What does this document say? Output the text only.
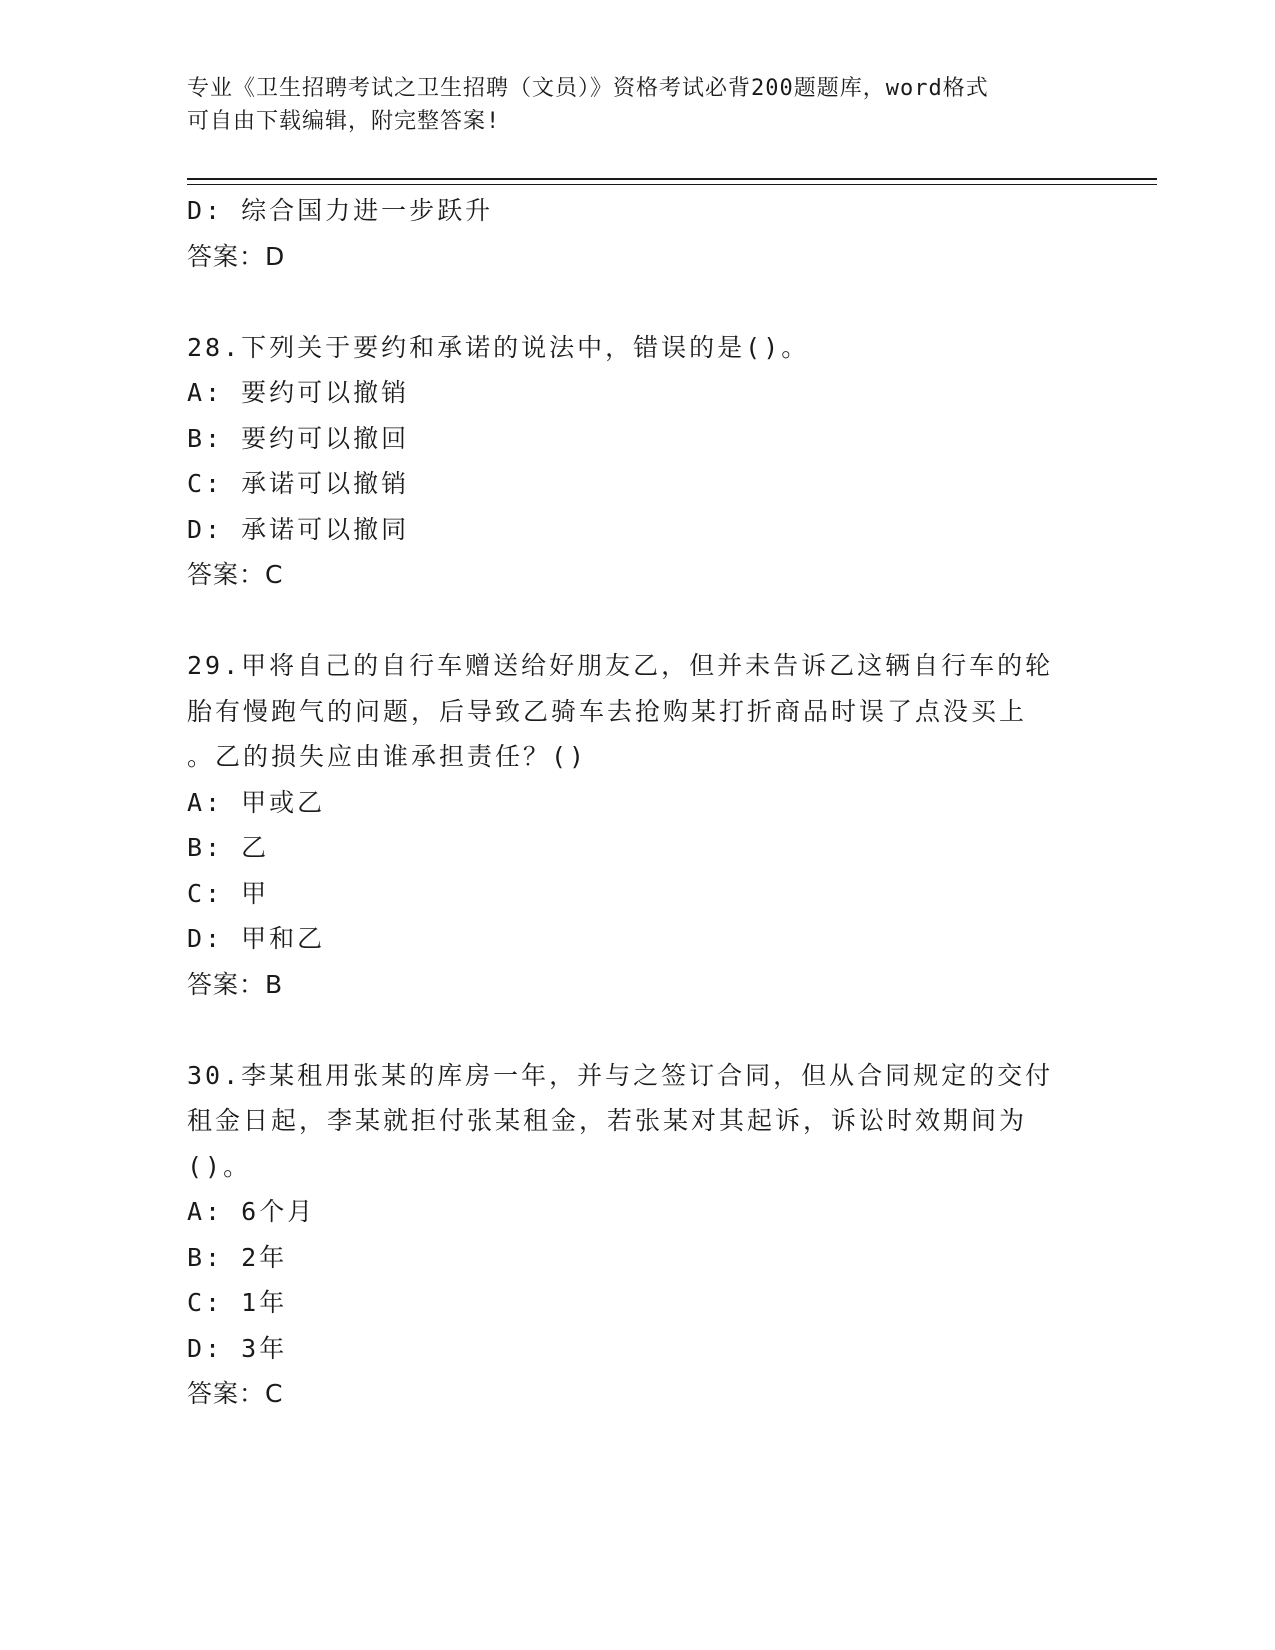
专业《卫生招聘考试之卫生招聘（文员）》资格考试必背200题题库，word格式
可自由下载编辑，附完整答案!
D: 综合国力进一步跃升
答案：D
28.下列关于要约和承诺的说法中，错误的是()。
A: 要约可以撤销
B: 要约可以撤回
C: 承诺可以撤销
D: 承诺可以撤同
答案：C
29.甲将自己的自行车赠送给好朋友乙，但并未告诉乙这辆自行车的轮
胎有慢跑气的问题，后导致乙骑车去抢购某打折商品时误了点没买上
。乙的损失应由谁承担责任？()
A: 甲或乙
B: 乙
C: 甲
D: 甲和乙
答案：B
30.李某租用张某的库房一年，并与之签订合同，但从合同规定的交付
租金日起，李某就拒付张某租金，若张某对其起诉，诉讼时效期间为
()。
A: 6个月
B: 2年
C: 1年
D: 3年
答案：C
